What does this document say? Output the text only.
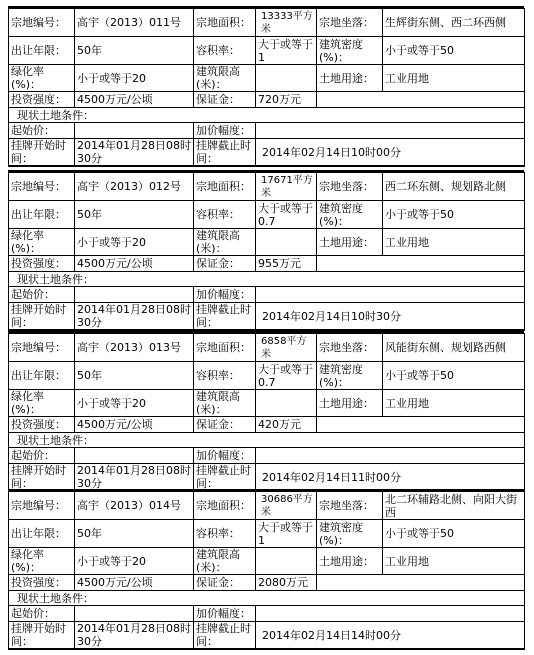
宗地编号：	高宇（2013）011号	宗地面积：	13333平方米	宗地坐落：	生辉街东侧、西二环西侧
出让年限：	50年	容积率：	大于或等于1	建筑密度(%)：	小于或等于50
绿化率(%)：	小于或等于20	建筑限高(米)：		土地用途：	工业用地
投资强度：	4500万元/公顷	保证金：	720万元		
现状土地条件：					
起始价：		加价幅度：			
挂牌开始时间：	2014年01月28日08时30分	挂牌截止时间：	2014年02月14日10时00分		
宗地编号：	高宇（2013）012号	宗地面积：	17671平方米	宗地坐落：	西二环东侧、规划路北侧
出让年限：	50年	容积率：	大于或等于0.7	建筑密度(%)：	小于或等于50
绿化率(%)：	小于或等于20	建筑限高(米)：		土地用途：	工业用地
投资强度：	4500万元/公顷	保证金：	955万元		
现状土地条件：					
起始价：		加价幅度：			
挂牌开始时间：	2014年01月28日08时30分	挂牌截止时间：	2014年02月14日10时30分		
宗地编号：	高宇（2013）013号	宗地面积：	6858平方米	宗地坐落：	风能街东侧、规划路西侧
出让年限：	50年	容积率：	大于或等于0.7	建筑密度(%)：	小于或等于50
绿化率(%)：	小于或等于20	建筑限高(米)：		土地用途：	工业用地
投资强度：	4500万元/公顷	保证金：	420万元		
现状土地条件：					
起始价：		加价幅度：			
挂牌开始时间：	2014年01月28日08时30分	挂牌截止时间：	2014年02月14日11时00分		
宗地编号：	高宇（2013）014号	宗地面积：	30686平方米	宗地坐落：	北二环辅路北侧、向阳大街西
出让年限：	50年	容积率：	大于或等于1	建筑密度(%)：	小于或等于50
绿化率(%)：	小于或等于20	建筑限高(米)：		土地用途：	工业用地
投资强度：	4500万元/公顷	保证金：	2080万元		
现状土地条件：					
起始价：		加价幅度：			
挂牌开始时间：	2014年01月28日08时30分	挂牌截止时间：	2014年02月14日14时00分		
